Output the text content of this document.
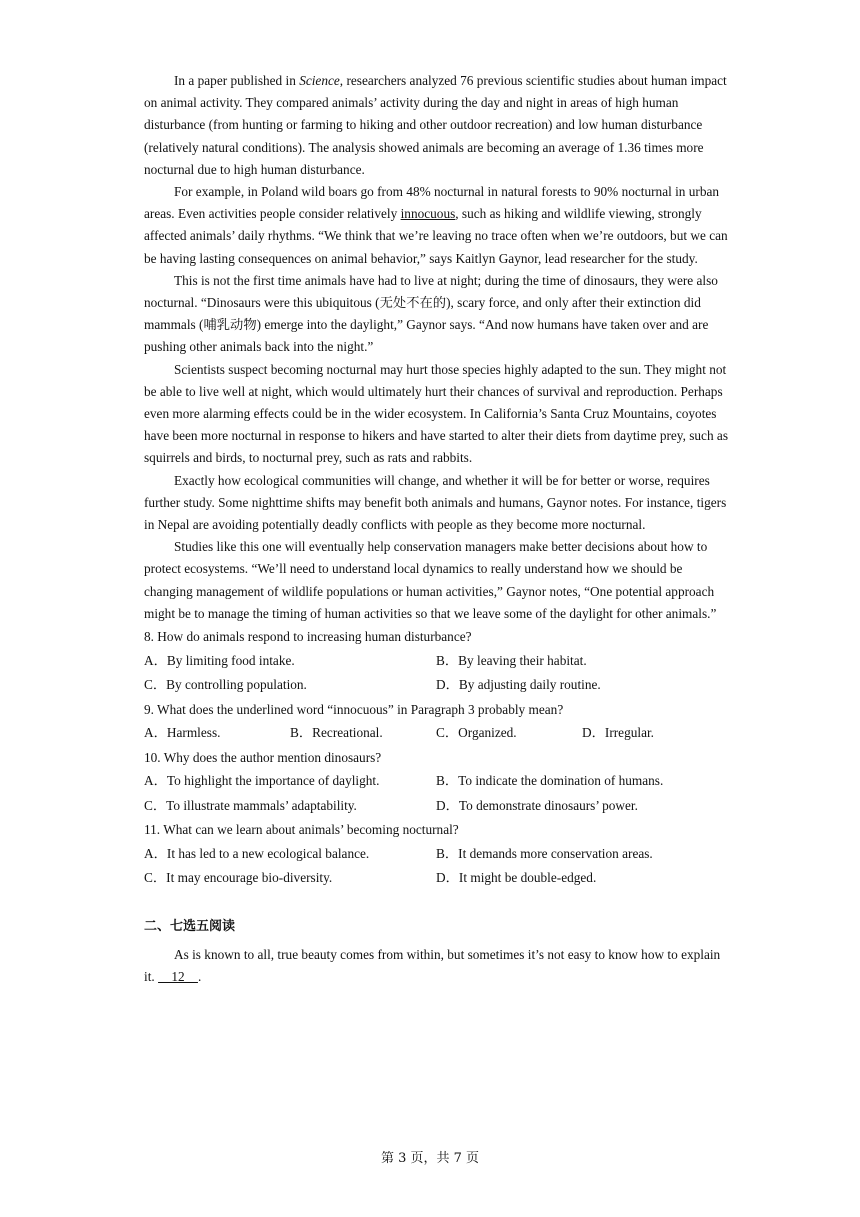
In a paper published in Science, researchers analyzed 76 previous scientific studies about human impact on animal activity. They compared animals’ activity during the day and night in areas of high human disturbance (from hunting or farming to hiking and other outdoor recreation) and low human disturbance (relatively natural conditions). The analysis showed animals are becoming an average of 1.36 times more nocturnal due to high human disturbance.

For example, in Poland wild boars go from 48% nocturnal in natural forests to 90% nocturnal in urban areas. Even activities people consider relatively innocuous, such as hiking and wildlife viewing, strongly affected animals’ daily rhythms. “We think that we’re leaving no trace often when we’re outdoors, but we can be having lasting consequences on animal behavior,” says Kaitlyn Gaynor, lead researcher for the study.

This is not the first time animals have had to live at night; during the time of dinosaurs, they were also nocturnal. “Dinosaurs were this ubiquitous (无处不在的), scary force, and only after their extinction did mammals (哺乳动物) emerge into the daylight,” Gaynor says. “And now humans have taken over and are pushing other animals back into the night.”

Scientists suspect becoming nocturnal may hurt those species highly adapted to the sun. They might not be able to live well at night, which would ultimately hurt their chances of survival and reproduction. Perhaps even more alarming effects could be in the wider ecosystem. In California’s Santa Cruz Mountains, coyotes have been more nocturnal in response to hikers and have started to alter their diets from daytime prey, such as squirrels and birds, to nocturnal prey, such as rats and rabbits.

Exactly how ecological communities will change, and whether it will be for better or worse, requires further study. Some nighttime shifts may benefit both animals and humans, Gaynor notes. For instance, tigers in Nepal are avoiding potentially deadly conflicts with people as they become more nocturnal.

Studies like this one will eventually help conservation managers make better decisions about how to protect ecosystems. “We’ll need to understand local dynamics to really understand how we should be changing management of wildlife populations or human activities,” Gaynor notes, “One potential approach might be to manage the timing of human activities so that we leave some of the daylight for other animals.”

8. How do animals respond to increasing human disturbance?

A．By limiting food intake.	B．By leaving their habitat.
C．By controlling population.	D．By adjusting daily routine.

9. What does the underlined word “innocuous” in Paragraph 3 probably mean?

A．Harmless.	B．Recreational.	C．Organized.	D．Irregular.

10. Why does the author mention dinosaurs?

A．To highlight the importance of daylight.	B．To indicate the domination of humans.
C．To illustrate mammals’ adaptability.	D．To demonstrate dinosaurs’ power.

11. What can we learn about animals’ becoming nocturnal?

A．It has led to a new ecological balance.	B．It demands more conservation areas.
C．It may encourage bio-diversity.	D．It might be double-edged.
二、七选五阅读

As is known to all, true beauty comes from within, but sometimes it’s not easy to know how to explain it. 　12　.

第 3 页，共 7 页
